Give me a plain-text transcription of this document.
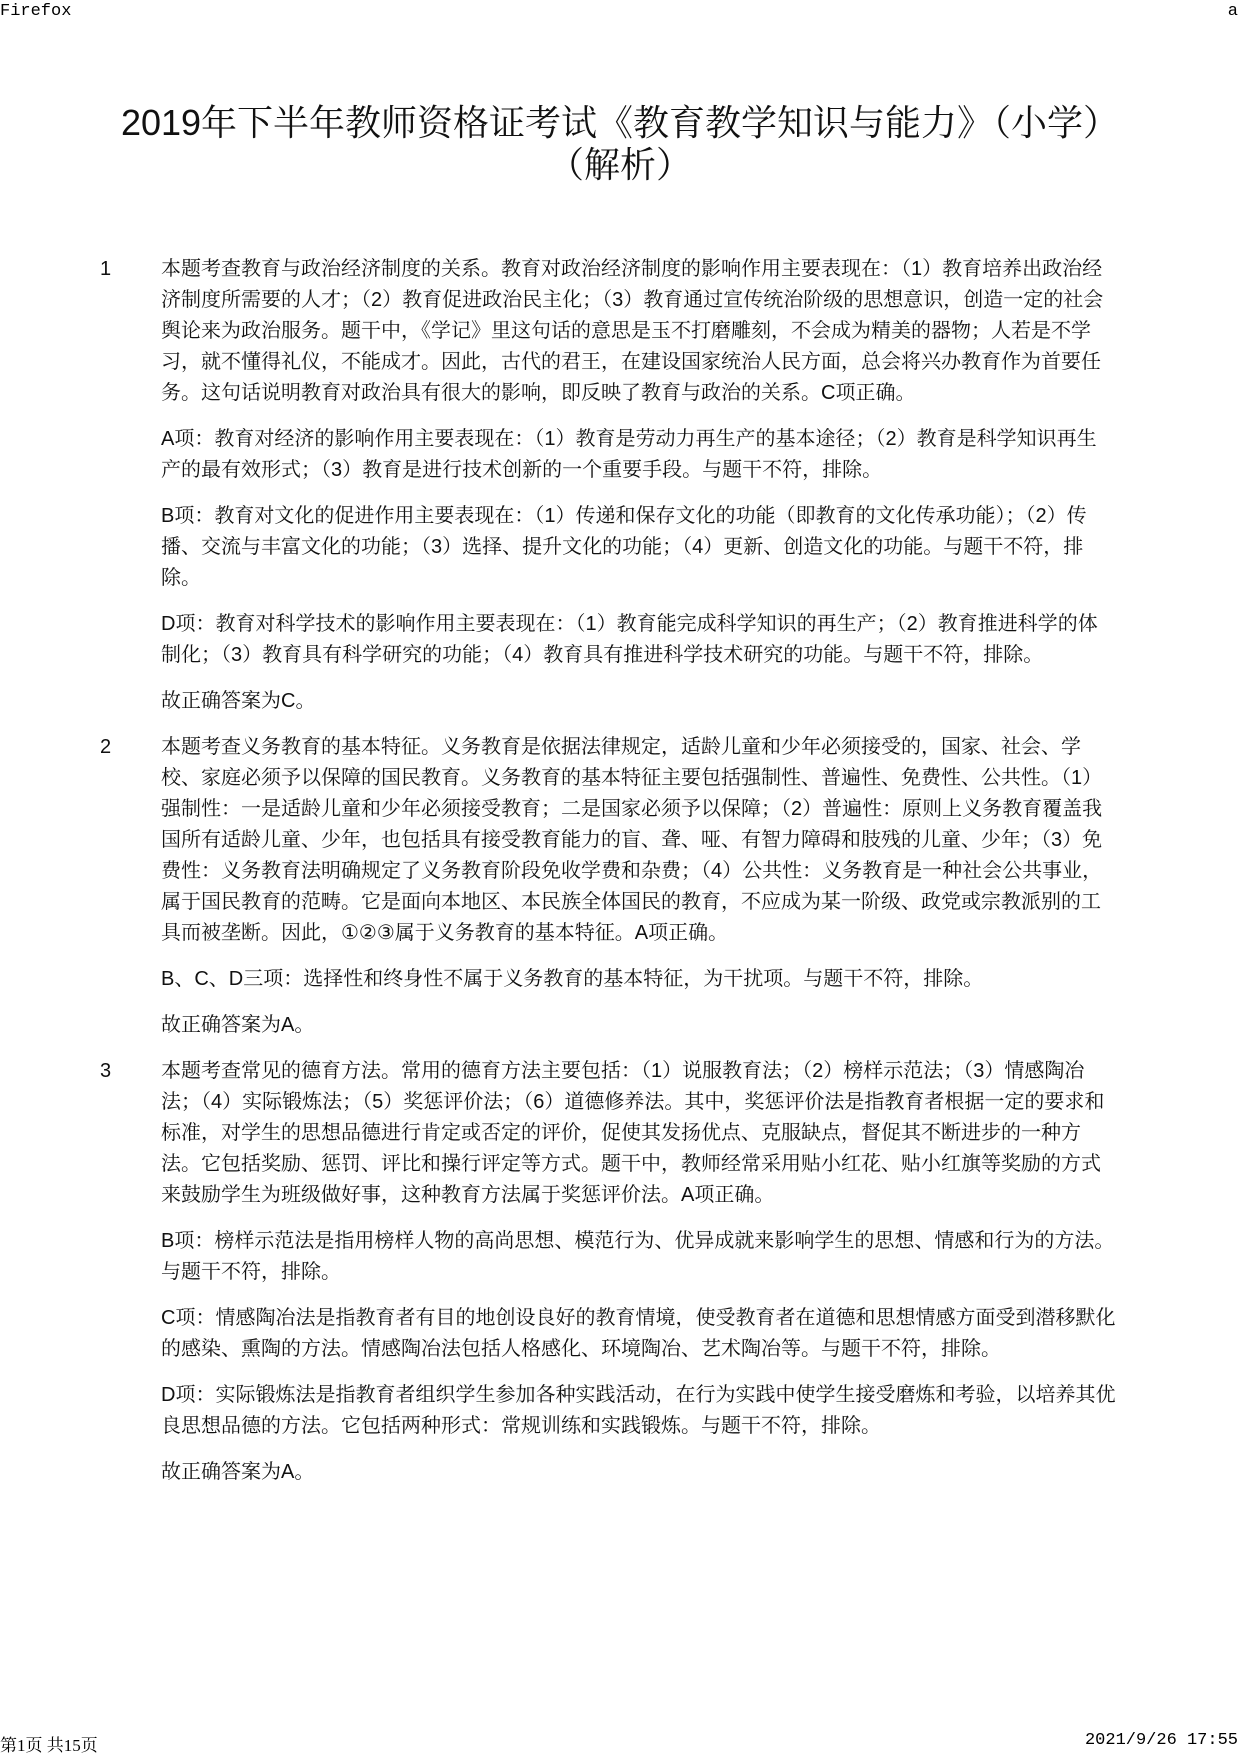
Firefox	a
2019年下半年教师资格证考试《教育教学知识与能力》（小学）（解析）
1 本题考查教育与政治经济制度的关系。教育对政治经济制度的影响作用主要表现在：（1）教育培养出政治经济制度所需要的人才；（2）教育促进政治民主化；（3）教育通过宣传统治阶级的思想意识，创造一定的社会舆论来为政治服务。题干中，《学记》里这句话的意思是玉不打磨雕刻，不会成为精美的器物；人若是不学习，就不懂得礼仪，不能成才。因此，古代的君王，在建设国家统治人民方面，总会将兴办教育作为首要任务。这句话说明教育对政治具有很大的影响，即反映了教育与政治的关系。C项正确。

A项：教育对经济的影响作用主要表现在：（1）教育是劳动力再生产的基本途径；（2）教育是科学知识再生产的最有效形式；（3）教育是进行技术创新的一个重要手段。与题干不符，排除。

B项：教育对文化的促进作用主要表现在：（1）传递和保存文化的功能（即教育的文化传承功能）；（2）传播、交流与丰富文化的功能；（3）选择、提升文化的功能；（4）更新、创造文化的功能。与题干不符，排除。

D项：教育对科学技术的影响作用主要表现在：（1）教育能完成科学知识的再生产；（2）教育推进科学的体制化；（3）教育具有科学研究的功能；（4）教育具有推进科学技术研究的功能。与题干不符，排除。

故正确答案为C。

2 本题考查义务教育的基本特征。义务教育是依据法律规定，适龄儿童和少年必须接受的，国家、社会、学校、家庭必须予以保障的国民教育。义务教育的基本特征主要包括强制性、普遍性、免费性、公共性。（1）强制性：一是适龄儿童和少年必须接受教育；二是国家必须予以保障；（2）普遍性：原则上义务教育覆盖我国所有适龄儿童、少年，也包括具有接受教育能力的盲、聋、哑、有智力障碍和肢残的儿童、少年；（3）免费性：义务教育法明确规定了义务教育阶段免收学费和杂费；（4）公共性：义务教育是一种社会公共事业，属于国民教育的范畴。它是面向本地区、本民族全体国民的教育，不应成为某一阶级、政党或宗教派别的工具而被垄断。因此，①②③属于义务教育的基本特征。A项正确。

B、C、D三项：选择性和终身性不属于义务教育的基本特征，为干扰项。与题干不符，排除。

故正确答案为A。

3 本题考查常见的德育方法。常用的德育方法主要包括：（1）说服教育法；（2）榜样示范法；（3）情感陶冶法；（4）实际锻炼法；（5）奖惩评价法；（6）道德修养法。其中，奖惩评价法是指教育者根据一定的要求和标准，对学生的思想品德进行肯定或否定的评价，促使其发扬优点、克服缺点，督促其不断进步的一种方法。它包括奖励、惩罚、评比和操行评定等方式。题干中，教师经常采用贴小红花、贴小红旗等奖励的方式来鼓励学生为班级做好事，这种教育方法属于奖惩评价法。A项正确。

B项：榜样示范法是指用榜样人物的高尚思想、模范行为、优异成就来影响学生的思想、情感和行为的方法。与题干不符，排除。

C项：情感陶冶法是指教育者有目的地创设良好的教育情境，使受教育者在道德和思想情感方面受到潜移默化的感染、熏陶的方法。情感陶冶法包括人格感化、环境陶冶、艺术陶冶等。与题干不符，排除。

D项：实际锻炼法是指教育者组织学生参加各种实践活动，在行为实践中使学生接受磨炼和考验，以培养其优良思想品德的方法。它包括两种形式：常规训练和实践锻炼。与题干不符，排除。

故正确答案为A。

第1页 共15页	2021/9/26 17:55
